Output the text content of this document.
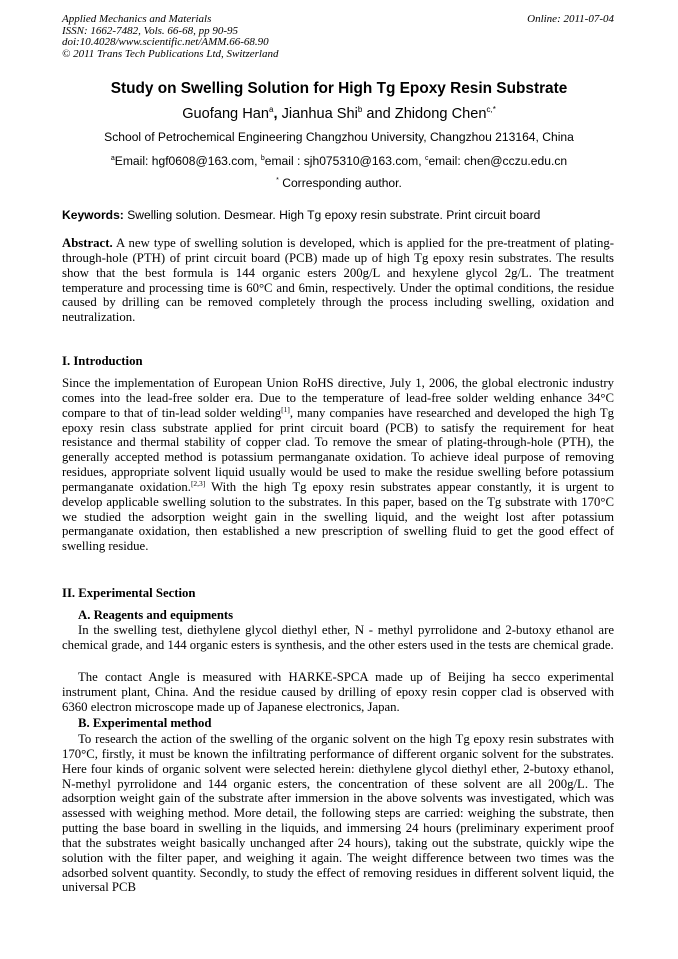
Applied Mechanics and Materials
ISSN: 1662-7482, Vols. 66-68, pp 90-95
doi:10.4028/www.scientific.net/AMM.66-68.90
© 2011 Trans Tech Publications Ltd, Switzerland
Online: 2011-07-04
Study on Swelling Solution for High Tg Epoxy Resin Substrate
Guofang Han$^a$, Jianhua Shi$^b$ and Zhidong Chen$^{c,*}$
School of Petrochemical Engineering Changzhou University, Changzhou 213164, China
$^a$Email: hgf0608@163.com, $^b$email : sjh075310@163.com, $^c$email: chen@cczu.edu.cn
* Corresponding author.
Keywords: Swelling solution. Desmear. High Tg epoxy resin substrate. Print circuit board
Abstract. A new type of swelling solution is developed, which is applied for the pre-treatment of plating-through-hole (PTH) of print circuit board (PCB) made up of high Tg epoxy resin substrates. The results show that the best formula is 144 organic esters 200g/L and hexylene glycol 2g/L. The treatment temperature and processing time is 60°C and 6min, respectively. Under the optimal conditions, the residue caused by drilling can be removed completely through the process including swelling, oxidation and neutralization.
I. Introduction
Since the implementation of European Union RoHS directive, July 1, 2006, the global electronic industry comes into the lead-free solder era. Due to the temperature of lead-free solder welding enhance 34°C compare to that of tin-lead solder welding[1], many companies have researched and developed the high Tg epoxy resin class substrate applied for print circuit board (PCB) to satisfy the requirement for heat resistance and thermal stability of copper clad. To remove the smear of plating-through-hole (PTH), the generally accepted method is potassium permanganate oxidation. To achieve ideal purpose of removing residues, appropriate solvent liquid usually would be used to make the residue swelling before potassium permanganate oxidation.[2,3] With the high Tg epoxy resin substrates appear constantly, it is urgent to develop applicable swelling solution to the substrates. In this paper, based on the Tg substrate with 170°C we studied the adsorption weight gain in the swelling liquid, and the weight lost after potassium permanganate oxidation, then established a new prescription of swelling fluid to get the good effect of swelling residue.
II. Experimental Section
A. Reagents and equipments
In the swelling test, diethylene glycol diethyl ether, N - methyl pyrrolidone and 2-butoxy ethanol are chemical grade, and 144 organic esters is synthesis, and the other esters used in the tests are chemical grade.
The contact Angle is measured with HARKE-SPCA made up of Beijing ha secco experimental instrument plant, China. And the residue caused by drilling of epoxy resin copper clad is observed with 6360 electron microscope made up of Japanese electronics, Japan.
B. Experimental method
To research the action of the swelling of the organic solvent on the high Tg epoxy resin substrates with 170°C, firstly, it must be known the infiltrating performance of different organic solvent for the substrates. Here four kinds of organic solvent were selected herein: diethylene glycol diethyl ether, 2-butoxy ethanol, N-methyl pyrrolidone and 144 organic esters, the concentration of these solvent are all 200g/L. The adsorption weight gain of the substrate after immersion in the above solvents was investigated, which was assessed with weighing method. More detail, the following steps are carried: weighing the substrate, then putting the base board in swelling in the liquids, and immersing 24 hours (preliminary experiment proof that the substrates weight basically unchanged after 24 hours), taking out the substrate, quickly wipe the solution with the filter paper, and weighing it again. The weight difference between two times was the adsorbed solvent quantity. Secondly, to study the effect of removing residues in different solvent liquid, the universal PCB
